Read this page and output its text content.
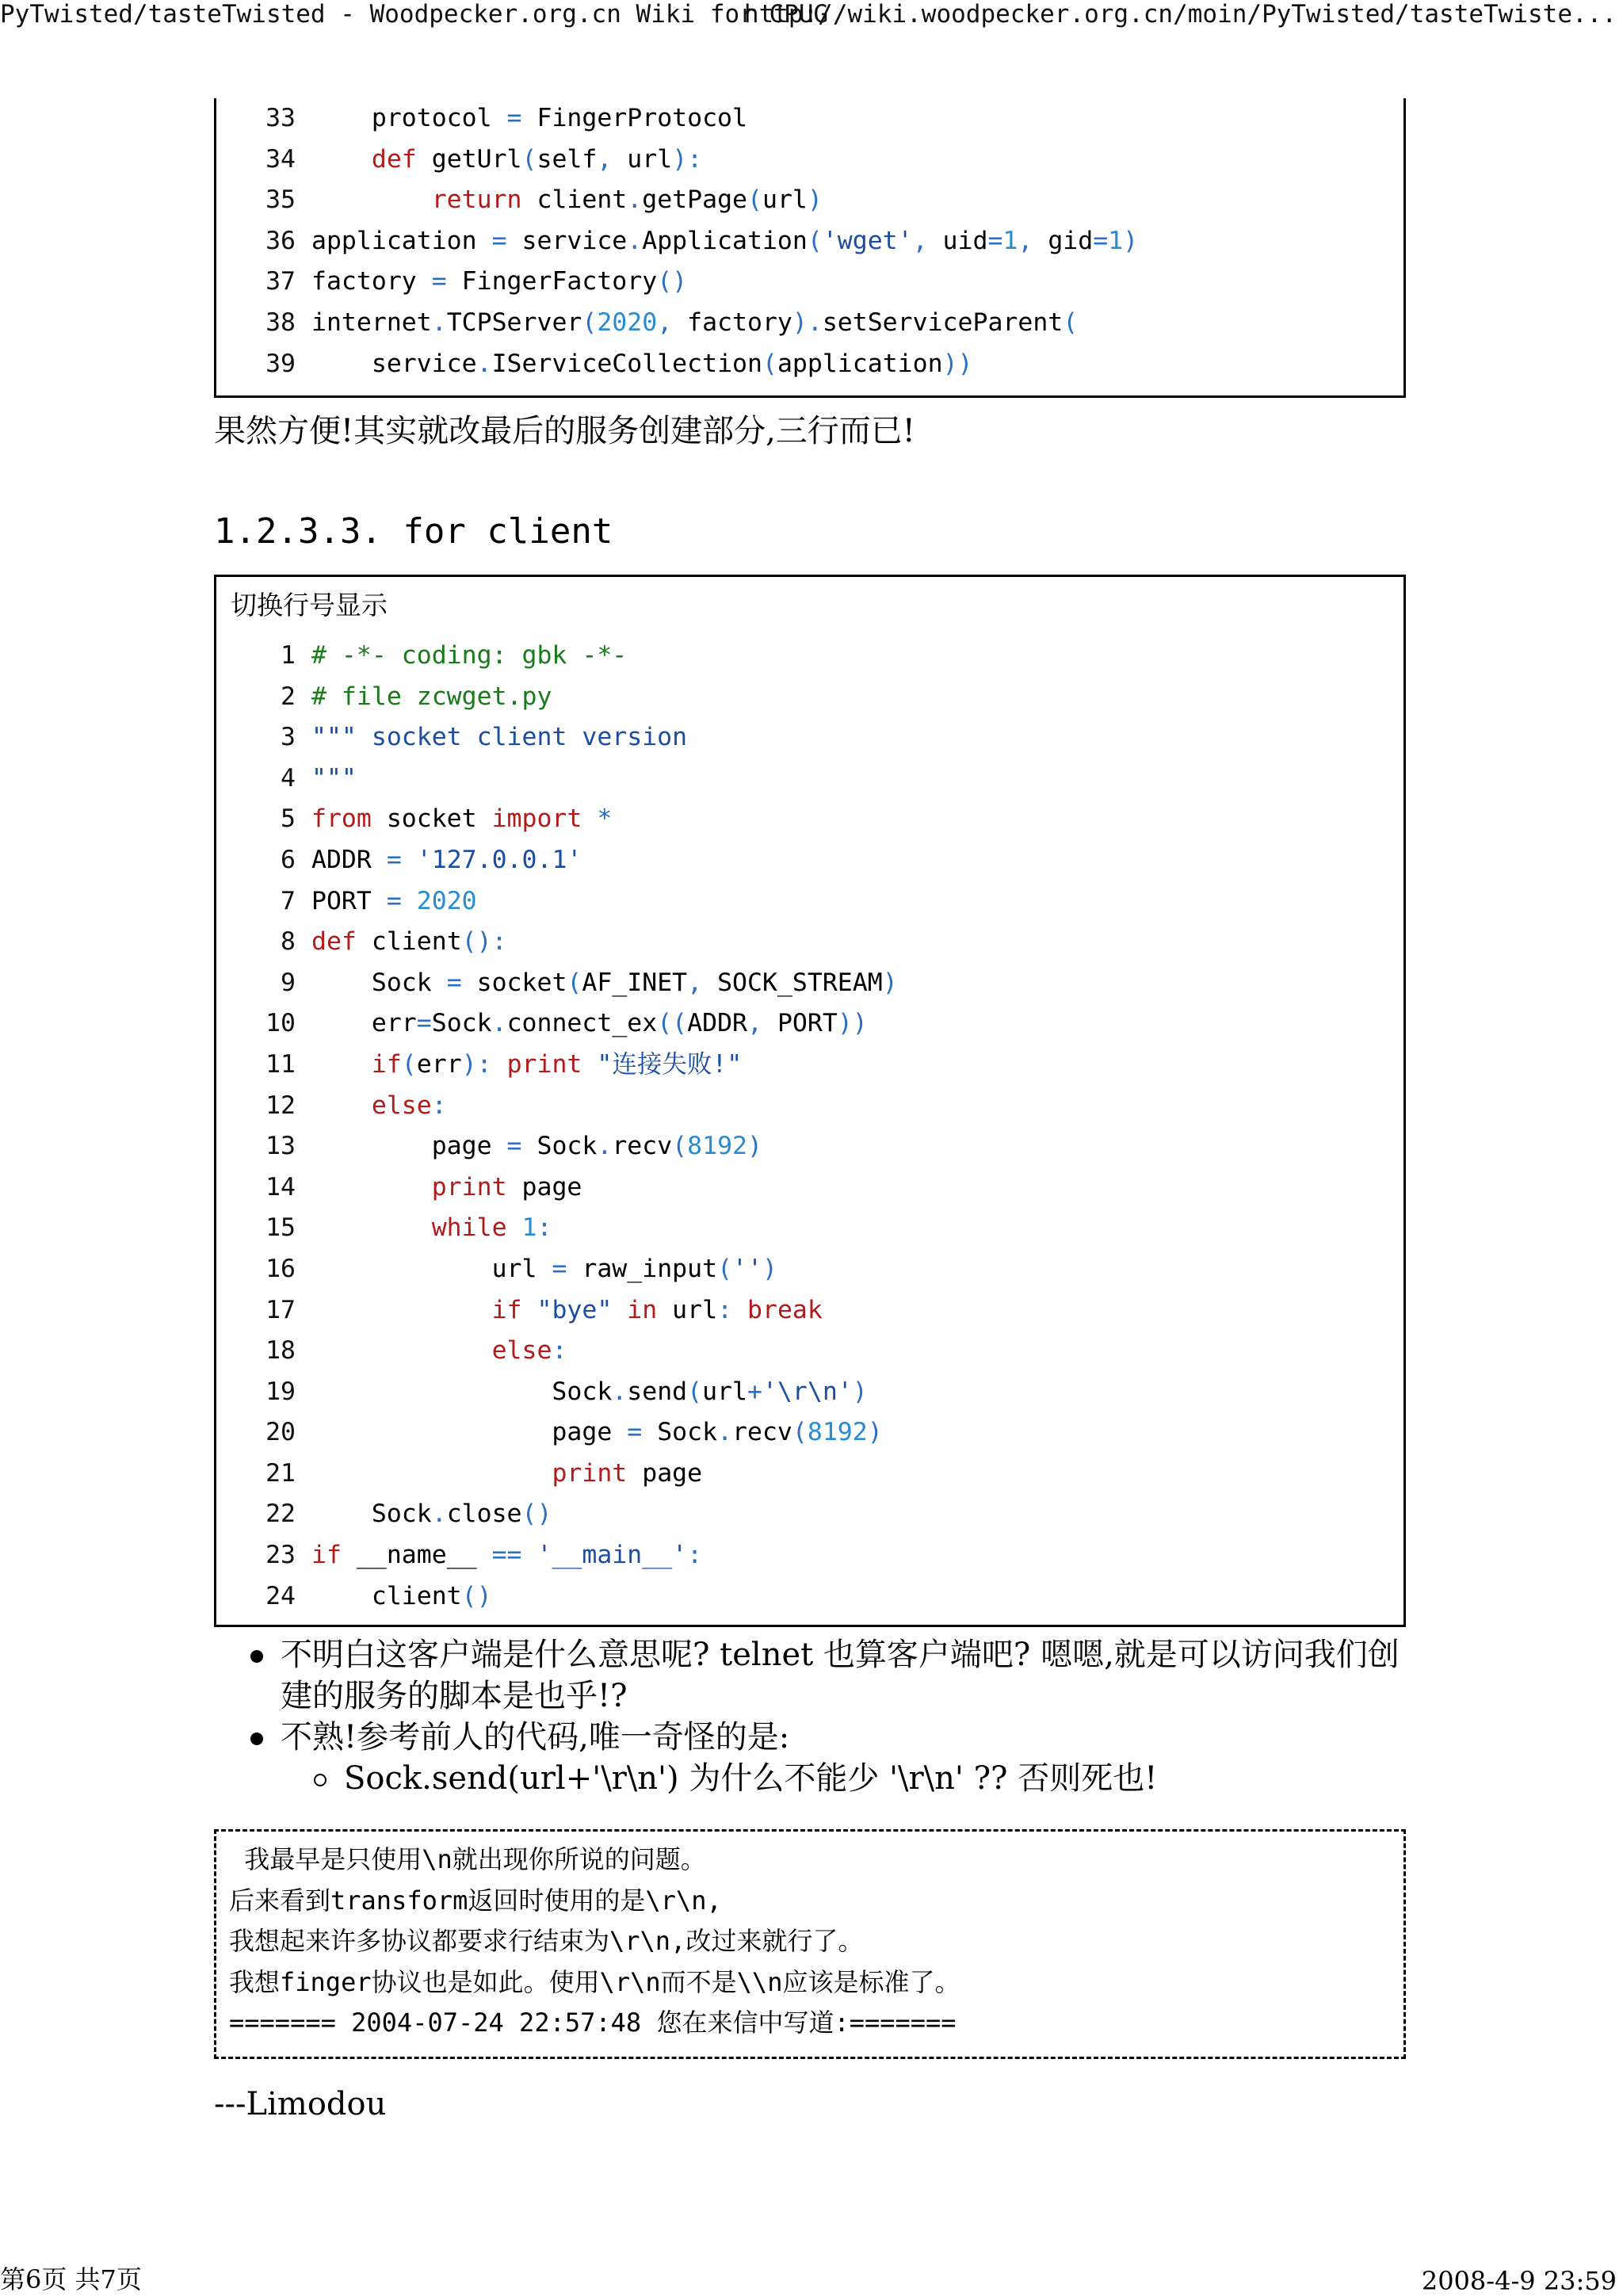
PyTwisted/tasteTwisted - Woodpecker.org.cn Wiki for CPUG
http://wiki.woodpecker.org.cn/moin/PyTwisted/tasteTwiste...
33 protocol = FingerProtocol
34	def getUrl(self, url):
35	return client.getPage(url)
36 application = service.Application('wget', uid=1, gid=1)
37 factory = FingerFactory()
38 internet.TCPServer(2020, factory).setServiceParent(
39 service.IServiceCollection(application))
果然方便!其实就改最后的服务创建部分,三行而已!
1.2.3.3. for client
切换行号显示
1 # -*- coding: gbk -*-
2 # file zcwget.py
3 """ socket client version
4 """
5 from socket import *
6 ADDR = '127.0.0.1'
7 PORT = 2020
8 def client():
9 Sock = socket(AF_INET, SOCK_STREAM)
10 err=Sock.connect_ex((ADDR, PORT))
11	if(err): print "连接失败!"
12	else:
13 page = Sock.recv(8192)
14	print page
15	while 1:
16 url = raw_input('')
17	if "bye" in url: break
18	else:
19 Sock.send(url+'\r\n')
20 page = Sock.recv(8192)
21	print page
22 Sock.close()
23 if __name__ == '__main__':
24 client()
不明白这客户端是什么意思呢? telnet 也算客户端吧? 嗯嗯,就是可以访问我们创
建的服务的脚本是也乎!?
不熟!参考前人的代码,唯一奇怪的是:
Sock.send(url+'\r\n') 为什么不能少 '\r\n' ?? 否则死也!
我最早是只使用\n就出现你所说的问题。
后来看到transform返回时使用的是\r\n,
我想起来许多协议都要求行结束为\r\n,改过来就行了。
我想finger协议也是如此。使用\r\n而不是\\n应该是标准了。
======= 2004-07-24 22:57:48 您在来信中写道:=======
---Limodou
第6页 共7页	2008-4-9 23:59
